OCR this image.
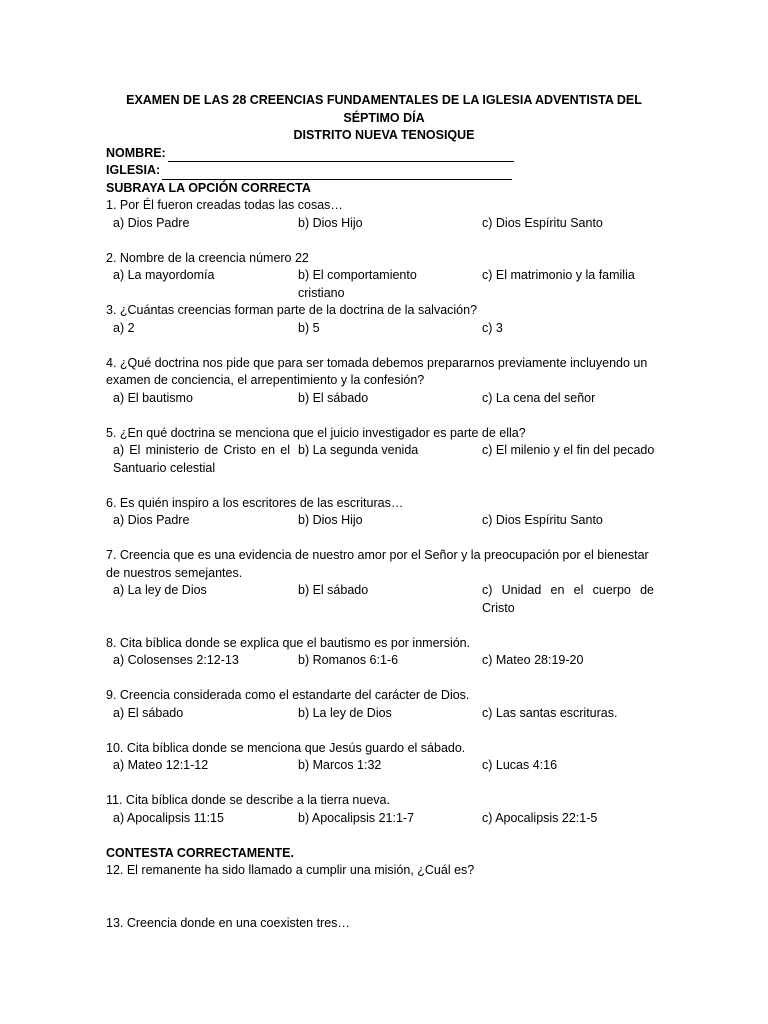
EXAMEN DE LAS 28 CREENCIAS FUNDAMENTALES DE LA IGLESIA ADVENTISTA DEL SÉPTIMO DÍA
DISTRITO NUEVA TENOSIQUE
NOMBRE:
IGLESIA:
SUBRAYA LA OPCIÓN CORRECTA
1. Por Él fueron creadas todas las cosas…
a) Dios Padre	b) Dios Hijo	c) Dios Espíritu Santo
2. Nombre de la creencia número 22
a) La mayordomía	b) El comportamiento cristiano
c) El matrimonio y la familia
3. ¿Cuántas creencias forman parte de la doctrina de la salvación?
a) 2	b) 5	c) 3
4. ¿Qué doctrina nos pide que para ser tomada debemos prepararnos previamente incluyendo un examen de conciencia, el arrepentimiento y la confesión?
a) El bautismo	b) El sábado	c) La cena del señor
5. ¿En qué doctrina se menciona que el juicio investigador es parte de ella?
a) El ministerio de Cristo en el Santuario celestial
b) La segunda venida	c) El milenio y el fin del pecado
6. Es quién inspiro a los escritores de las escrituras…
a) Dios Padre	b) Dios Hijo	c) Dios Espíritu Santo
7. Creencia que es una evidencia de nuestro amor por el Señor y la preocupación por el bienestar de nuestros semejantes.
a) La ley de Dios	b) El sábado	c) Unidad en el cuerpo de Cristo
8. Cita bíblica donde se explica que el bautismo es por inmersión.
a) Colosenses 2:12-13	b) Romanos 6:1-6	c) Mateo 28:19-20
9. Creencia considerada como el estandarte del carácter de Dios.
a) El sábado	b) La ley de Dios	c) Las santas escrituras.
10. Cita bíblica donde se menciona que Jesús guardo el sábado.
a) Mateo 12:1-12	b) Marcos 1:32	c) Lucas 4:16
11. Cita bíblica donde se describe a la tierra nueva.
a) Apocalipsis 11:15	b) Apocalipsis 21:1-7	c) Apocalipsis 22:1-5
CONTESTA CORRECTAMENTE.
12. El remanente ha sido llamado a cumplir una misión, ¿Cuál es?
13. Creencia donde en una coexisten tres…
